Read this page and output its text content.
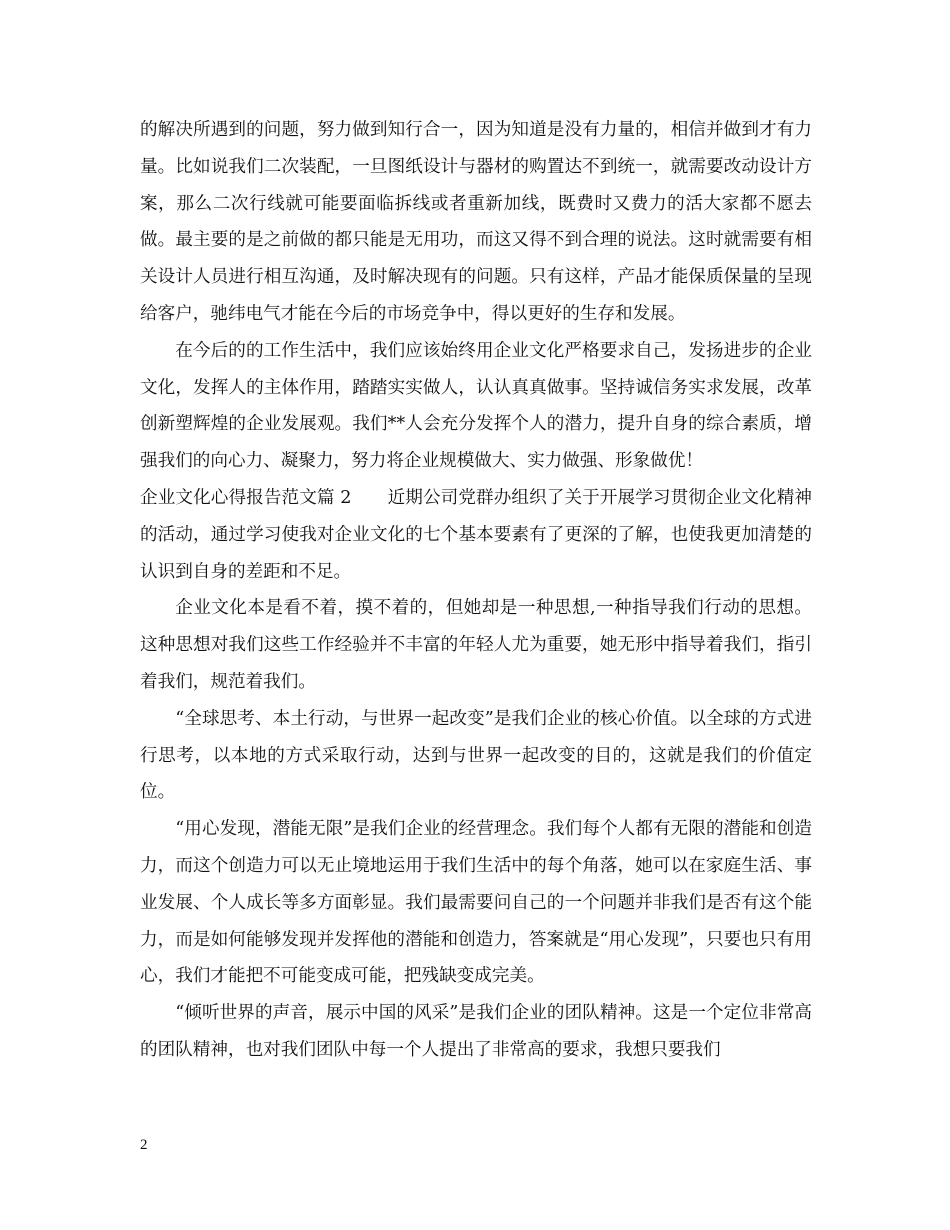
的解决所遇到的问题，努力做到知行合一，因为知道是没有力量的，相信并做到才有力量。比如说我们二次装配，一旦图纸设计与器材的购置达不到统一，就需要改动设计方案，那么二次行线就可能要面临拆线或者重新加线，既费时又费力的活大家都不愿去做。最主要的是之前做的都只能是无用功，而这又得不到合理的说法。这时就需要有相关设计人员进行相互沟通，及时解决现有的问题。只有这样，产品才能保质保量的呈现给客户，驰纬电气才能在今后的市场竞争中，得以更好的生存和发展。

在今后的的工作生活中，我们应该始终用企业文化严格要求自己，发扬进步的企业文化，发挥人的主体作用，踏踏实实做人，认认真真做事。坚持诚信务实求发展，改革创新塑辉煌的企业发展观。我们**人会充分发挥个人的潜力，提升自身的综合素质，增强我们的向心力、凝聚力，努力将企业规模做大、实力做强、形象做优！

企业文化心得报告范文篇 2 近期公司党群办组织了关于开展学习贯彻企业文化精神的活动，通过学习使我对企业文化的七个基本要素有了更深的了解，也使我更加清楚的认识到自身的差距和不足。

企业文化本是看不着，摸不着的，但她却是一种思想,一种指导我们行动的思想。这种思想对我们这些工作经验并不丰富的年轻人尤为重要，她无形中指导着我们，指引着我们，规范着我们。

“全球思考、本土行动，与世界一起改变”是我们企业的核心价值。以全球的方式进行思考，以本地的方式采取行动，达到与世界一起改变的目的，这就是我们的价值定位。

“用心发现，潜能无限”是我们企业的经营理念。我们每个人都有无限的潜能和创造力，而这个创造力可以无止境地运用于我们生活中的每个角落，她可以在家庭生活、事业发展、个人成长等多方面彰显。我们最需要问自己的一个问题并非我们是否有这个能力，而是如何能够发现并发挥他的潜能和创造力，答案就是“用心发现”，只要也只有用心，我们才能把不可能变成可能，把残缺变成完美。

“倾听世界的声音，展示中国的风采”是我们企业的团队精神。这是一个定位非常高的团队精神，也对我们团队中每一个人提出了非常高的要求，我想只要我们

2
